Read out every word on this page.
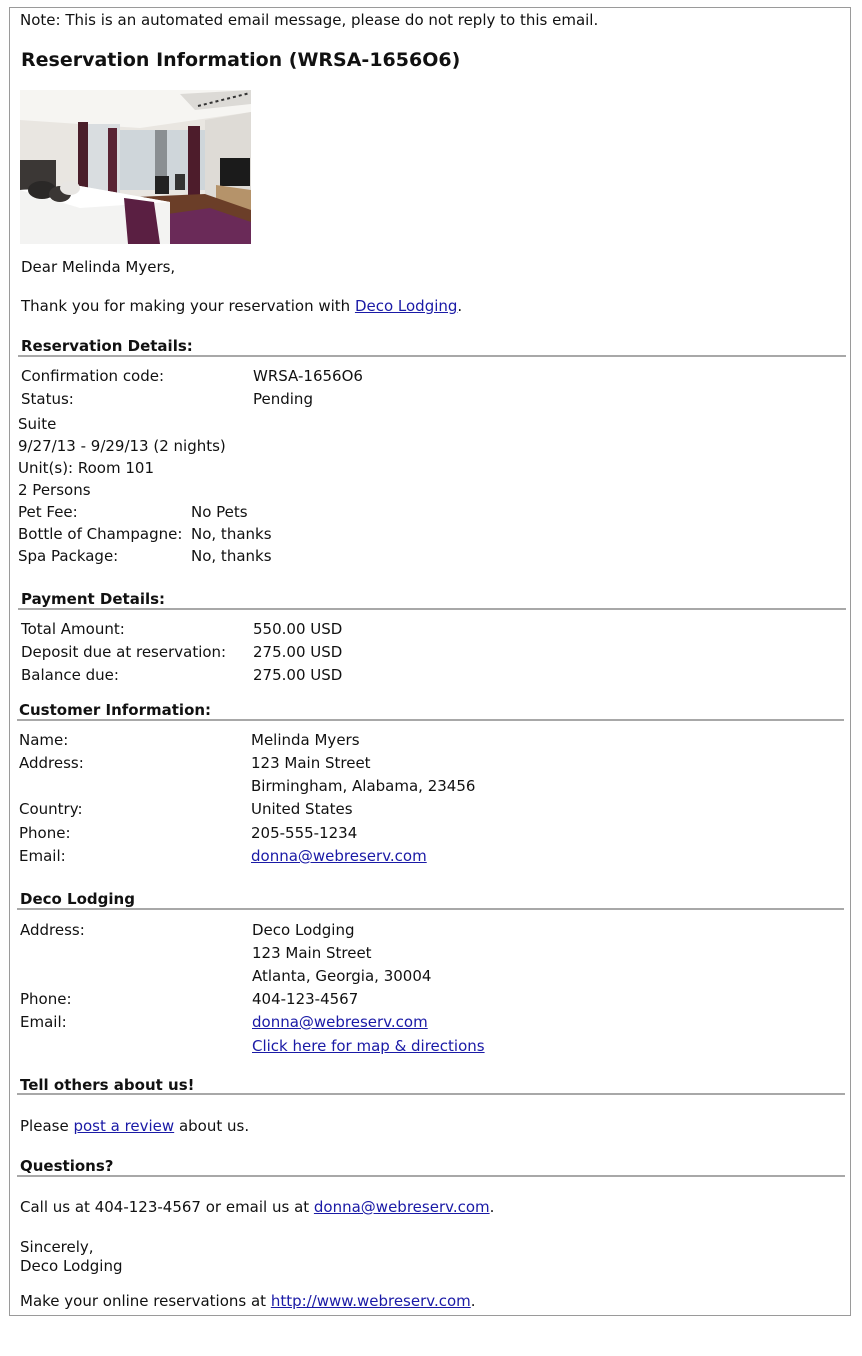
Note: This is an automated email message, please do not reply to this email.
Reservation Information (WRSA-1656O6)
Dear Melinda Myers,
Thank you for making your reservation with Deco Lodging.
Reservation Details:
Confirmation code:	WRSA-1656O6
Status:	Pending
Suite
9/27/13 - 9/29/13 (2 nights)
Unit(s): Room 101
2 Persons
Pet Fee:	No Pets
Bottle of Champagne: No, thanks
Spa Package:	No, thanks
Payment Details:
Total Amount:	550.00 USD
Deposit due at reservation: 275.00 USD
Balance due:	275.00 USD
Customer Information:
Name:	Melinda Myers
Address:	123 Main Street
Birmingham, Alabama, 23456
Country:	United States
Phone:	205-555-1234
Email:	donna@webreserv.com
Deco Lodging
Address:	Deco Lodging
123 Main Street
Atlanta, Georgia, 30004
Phone:	404-123-4567
Email:	donna@webreserv.com
Click here for map & directions
Tell others about us!
Please post a review about us.
Questions?
Call us at 404-123-4567 or email us at donna@webreserv.com.
Sincerely,
Deco Lodging
Make your online reservations at http://www.webreserv.com.
